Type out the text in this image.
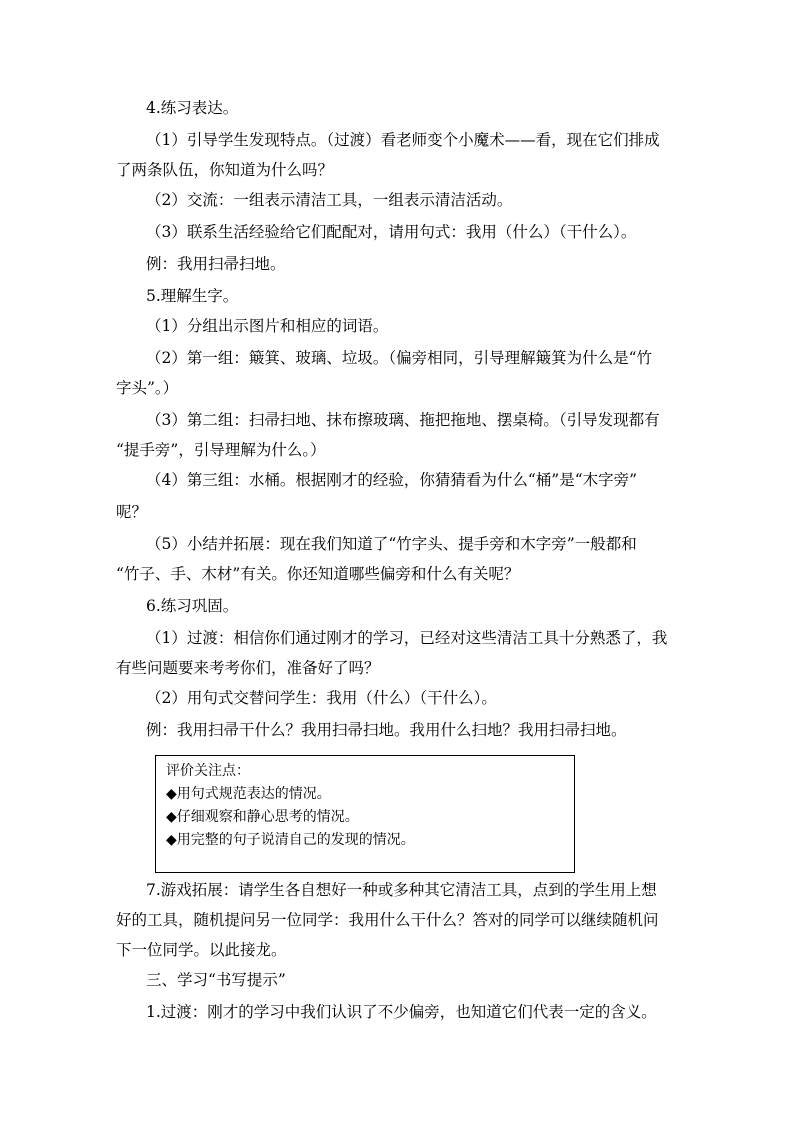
4.练习表达。
（1）引导学生发现特点。（过渡）看老师变个小魔术——看，现在它们排成
了两条队伍，你知道为什么吗？
（2）交流：一组表示清洁工具，一组表示清洁活动。
（3）联系生活经验给它们配配对，请用句式：我用（什么）（干什么）。
例：我用扫帚扫地。
5.理解生字。
（1）分组出示图片和相应的词语。
（2）第一组：簸箕、玻璃、垃圾。（偏旁相同，引导理解簸箕为什么是“竹
字头”。）
（3）第二组：扫帚扫地、抹布擦玻璃、拖把拖地、摆桌椅。（引导发现都有
“提手旁”，引导理解为什么。）
（4）第三组：水桶。根据刚才的经验，你猜猜看为什么“桶”是“木字旁”
呢？
（5）小结并拓展：现在我们知道了“竹字头、提手旁和木字旁”一般都和
“竹子、手、木材”有关。你还知道哪些偏旁和什么有关呢？
6.练习巩固。
（1）过渡：相信你们通过刚才的学习，已经对这些清洁工具十分熟悉了，我
有些问题要来考考你们，准备好了吗？
（2）用句式交替问学生：我用（什么）（干什么）。
例：我用扫帚干什么？我用扫帚扫地。我用什么扫地？我用扫帚扫地。
评价关注点：
◆用句式规范表达的情况。
◆仔细观察和静心思考的情况。
◆用完整的句子说清自己的发现的情况。
7.游戏拓展：请学生各自想好一种或多种其它清洁工具，点到的学生用上想
好的工具，随机提问另一位同学：我用什么干什么？答对的同学可以继续随机问
下一位同学。以此接龙。
三、学习“书写提示”
1.过渡：刚才的学习中我们认识了不少偏旁，也知道它们代表一定的含义。
